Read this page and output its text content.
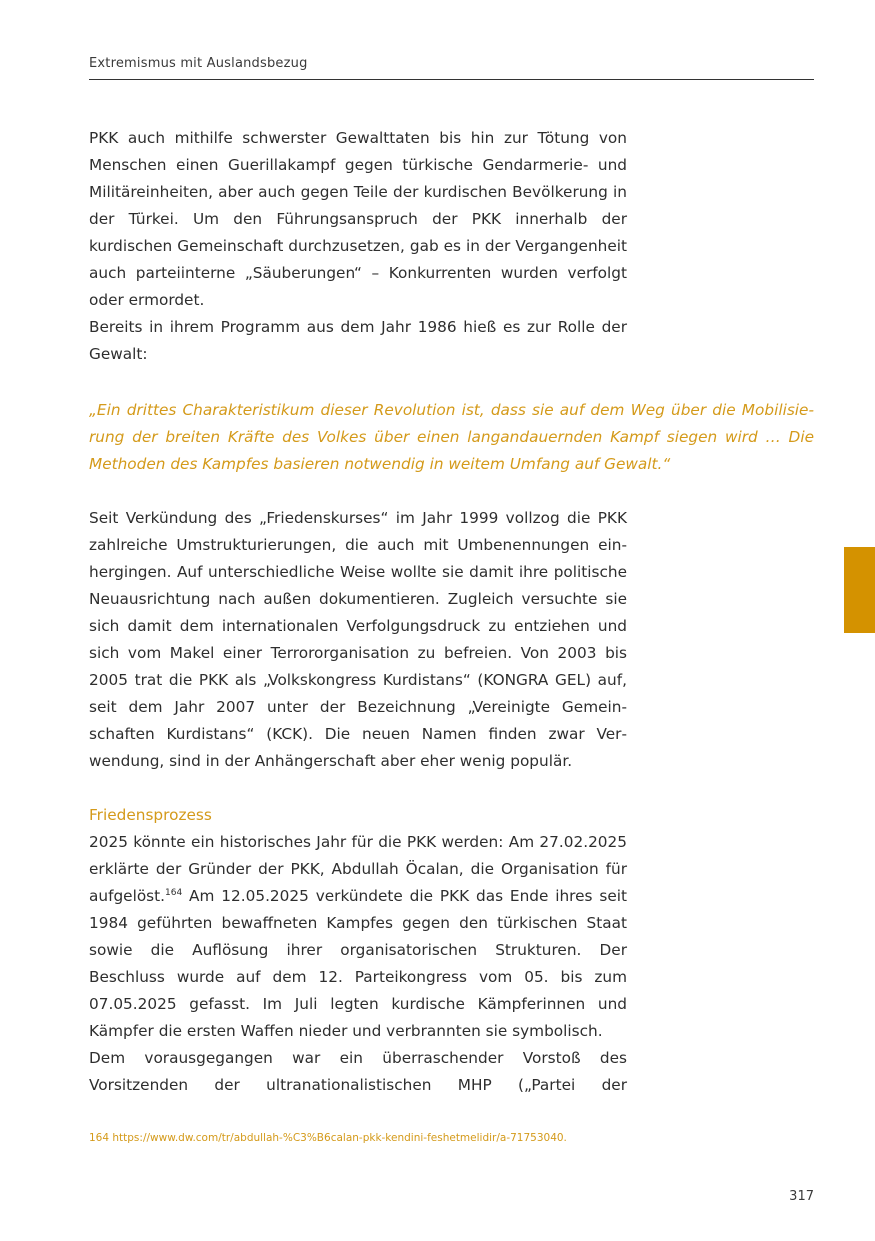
Extremismus mit Auslandsbezug

PKK auch mithilfe schwerster Gewalttaten bis hin zur Tötung von Menschen einen Guerillakampf gegen türkische Gendarmerie- und Militäreinheiten, aber auch gegen Teile der kurdischen Bevölkerung in der Türkei. Um den Führungsanspruch der PKK innerhalb der kurdischen Gemeinschaft durchzusetzen, gab es in der Vergangenheit auch parteiinterne „Säuberungen“ – Konkurrenten wurden verfolgt oder ermordet.

Bereits in ihrem Programm aus dem Jahr 1986 hieß es zur Rolle der Gewalt:

„Ein drittes Charakteristikum dieser Revolution ist, dass sie auf dem Weg über die Mobilisierung der breiten Kräfte des Volkes über einen langandauernden Kampf siegen wird … Die Methoden des Kampfes basieren notwendig in weitem Umfang auf Gewalt.“

Seit Verkündung des „Friedenskurses“ im Jahr 1999 vollzog die PKK zahlreiche Umstrukturierungen, die auch mit Umbenennungen einhergingen. Auf unterschiedliche Weise wollte sie damit ihre politische Neuausrichtung nach außen dokumentieren. Zugleich versuchte sie sich damit dem internationalen Verfolgungsdruck zu entziehen und sich vom Makel einer Terrororganisation zu befreien. Von 2003 bis 2005 trat die PKK als „Volkskongress Kurdistans“ (KONGRA GEL) auf, seit dem Jahr 2007 unter der Bezeichnung „Vereinigte Gemeinschaften Kurdistans“ (KCK). Die neuen Namen finden zwar Verwendung, sind in der Anhängerschaft aber eher wenig populär.

Friedensprozess

2025 könnte ein historisches Jahr für die PKK werden: Am 27.02.2025 erklärte der Gründer der PKK, Abdullah Öcalan, die Organisation für aufgelöst.$^{164}$ Am 12.05.2025 verkündete die PKK das Ende ihres seit 1984 geführten bewaffneten Kampfes gegen den türkischen Staat sowie die Auflösung ihrer organisatorischen Strukturen. Der Beschluss wurde auf dem 12. Parteikongress vom 05. bis zum 07.05.2025 gefasst. Im Juli legten kurdische Kämpferinnen und Kämpfer die ersten Waffen nieder und verbrannten sie symbolisch.

Dem vorausgegangen war ein überraschender Vorstoß des Vorsitzenden der ultranationalistischen MHP („Partei der

164 https://www.dw.com/tr/abdullah-%C3%B6calan-pkk-kendini-feshetmelidir/a-71753040.
317
